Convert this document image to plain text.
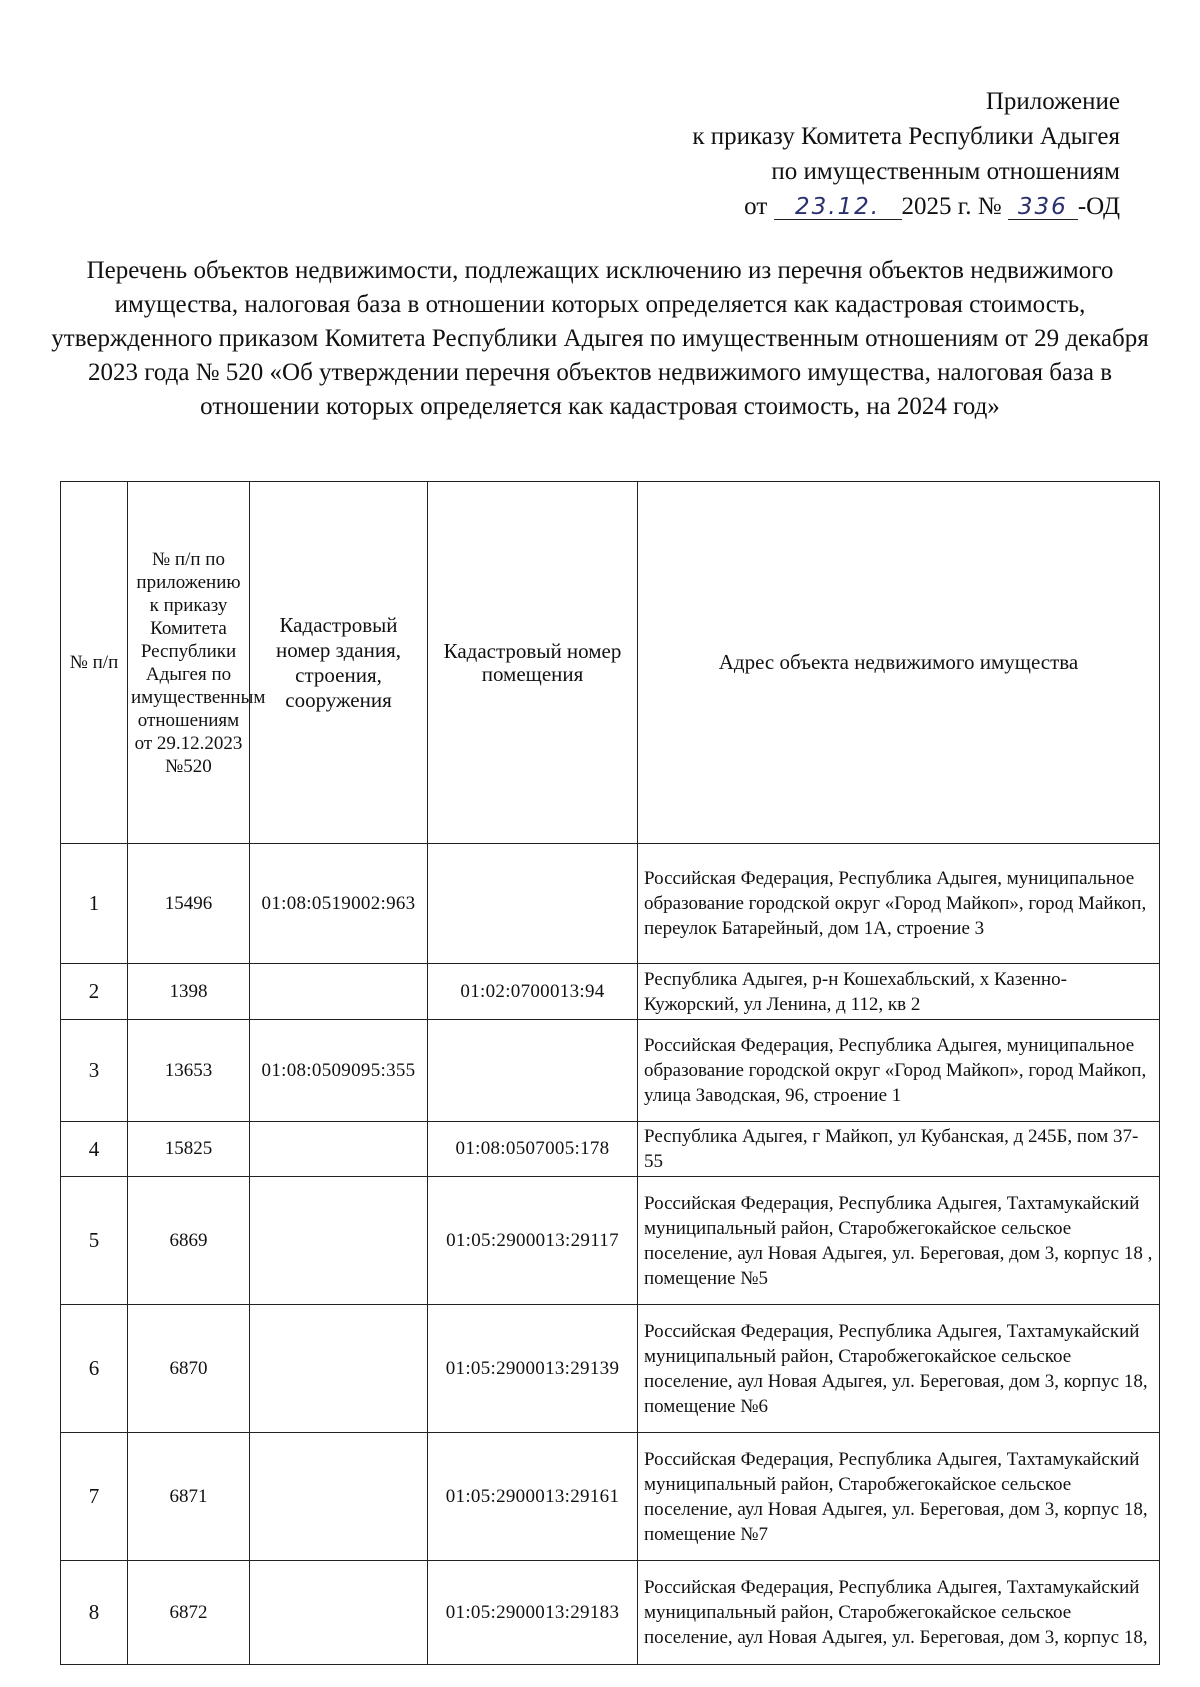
Приложение
к приказу Комитета Республики Адыгея
по имущественным отношениям
от 23.12. 2025 г. № 336 -ОД
Перечень объектов недвижимости, подлежащих исключению из перечня объектов недвижимого имущества, налоговая база в отношении которых определяется как кадастровая стоимость, утвержденного приказом Комитета Республики Адыгея по имущественным отношениям от 29 декабря 2023 года № 520 «Об утверждении перечня объектов недвижимого имущества, налоговая база в отношении которых определяется как кадастровая стоимость, на 2024 год»
№ п/п	№ п/п по приложению к приказу Комитета Республики Адыгея по имущественным отношениям от 29.12.2023 №520	Кадастровый номер здания, строения, сооружения	Кадастровый номер помещения	Адрес объекта недвижимого имущества
1	15496	01:08:0519002:963		Российская Федерация, Республика Адыгея, муниципальное образование городской округ «Город Майкоп», город Майкоп, переулок Батарейный, дом 1А, строение 3
2	1398		01:02:0700013:94	Республика Адыгея, р-н Кошехабльский, х Казенно-Кужорский, ул Ленина, д 112, кв 2
3	13653	01:08:0509095:355		Российская Федерация, Республика Адыгея, муниципальное образование городской округ «Город Майкоп», город Майкоп, улица Заводская, 96, строение 1
4	15825		01:08:0507005:178	Республика Адыгея, г Майкоп, ул Кубанская, д 245Б, пом 37-55
5	6869		01:05:2900013:29117	Российская Федерация, Республика Адыгея, Тахтамукайский муниципальный район, Старобжегокайское сельское поселение, аул Новая Адыгея, ул. Береговая, дом 3, корпус 18 , помещение №5
6	6870		01:05:2900013:29139	Российская Федерация, Республика Адыгея, Тахтамукайский муниципальный район, Старобжегокайское сельское поселение, аул Новая Адыгея, ул. Береговая, дом 3, корпус 18, помещение №6
7	6871		01:05:2900013:29161	Российская Федерация, Республика Адыгея, Тахтамукайский муниципальный район, Старобжегокайское сельское поселение, аул Новая Адыгея, ул. Береговая, дом 3, корпус 18, помещение №7
8	6872		01:05:2900013:29183	Российская Федерация, Республика Адыгея, Тахтамукайский муниципальный район, Старобжегокайское сельское поселение, аул Новая Адыгея, ул. Береговая, дом 3, корпус 18,
